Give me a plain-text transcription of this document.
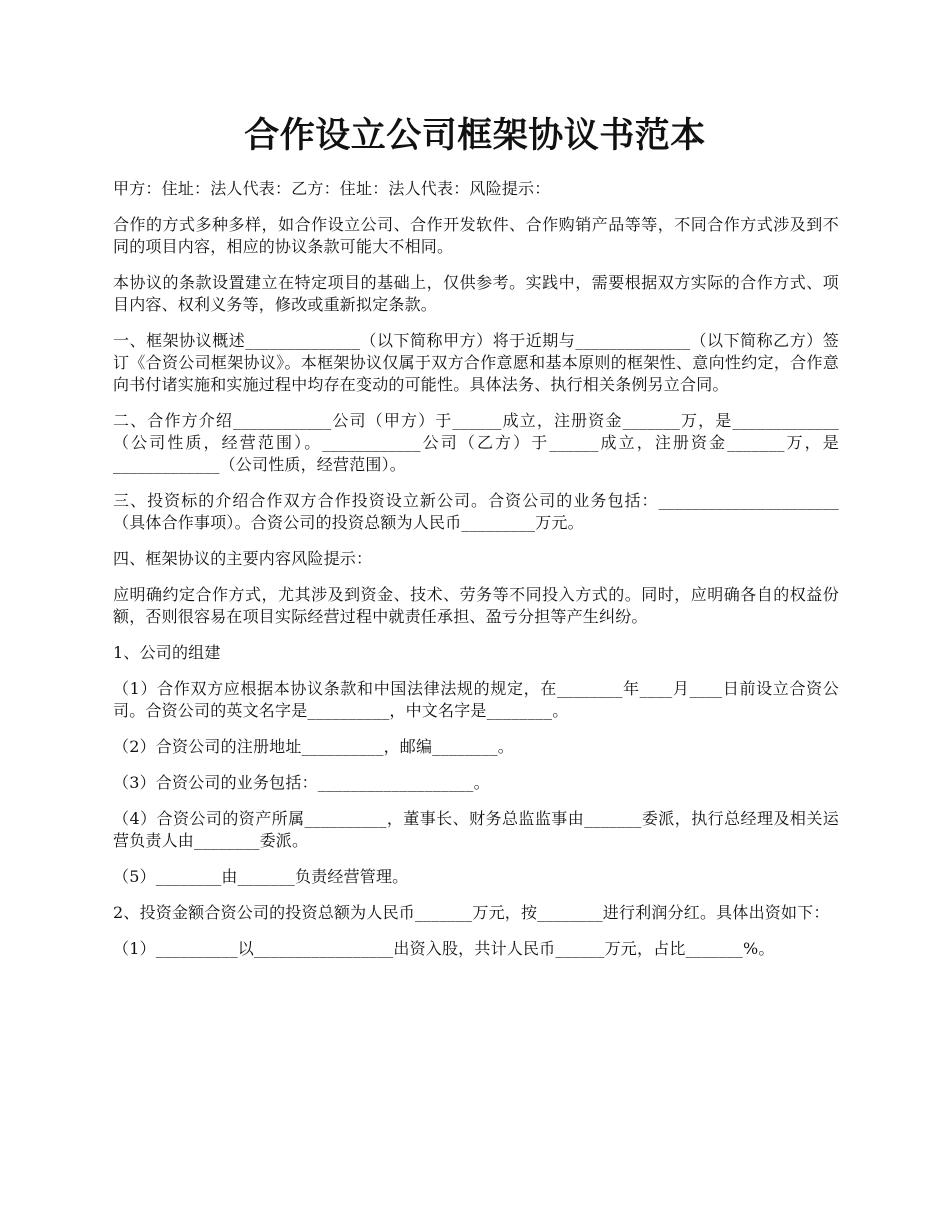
合作设立公司框架协议书范本

甲方：住址：法人代表：乙方：住址：法人代表：风险提示：

合作的方式多种多样，如合作设立公司、合作开发软件、合作购销产品等等，不同合作方式涉及到不同的项目内容，相应的协议条款可能大不相同。

本协议的条款设置建立在特定项目的基础上，仅供参考。实践中，需要根据双方实际的合作方式、项目内容、权利义务等，修改或重新拟定条款。

一、框架协议概述______________（以下简称甲方）将于近期与______________（以下简称乙方）签订《合资公司框架协议》。本框架协议仅属于双方合作意愿和基本原则的框架性、意向性约定，合作意向书付诸实施和实施过程中均存在变动的可能性。具体法务、执行相关条例另立合同。

二、合作方介绍____________公司（甲方）于______成立，注册资金_______万，是_____________（公司性质，经营范围）。____________公司（乙方）于______成立，注册资金_______万，是_____________（公司性质，经营范围）。

三、投资标的介绍合作双方合作投资设立新公司。合资公司的业务包括：______________________（具体合作事项）。合资公司的投资总额为人民币_________万元。

四、框架协议的主要内容风险提示：

应明确约定合作方式，尤其涉及到资金、技术、劳务等不同投入方式的。同时，应明确各自的权益份额，否则很容易在项目实际经营过程中就责任承担、盈亏分担等产生纠纷。

1、公司的组建

（1）合作双方应根据本协议条款和中国法律法规的规定，在________年____月____日前设立合资公司。合资公司的英文名字是__________，中文名字是________。

（2）合资公司的注册地址__________，邮编________。

（3）合资公司的业务包括：___________________。

（4）合资公司的资产所属__________，董事长、财务总监监事由_______委派，执行总经理及相关运营负责人由________委派。

（5）________由_______负责经营管理。

2、投资金额合资公司的投资总额为人民币_______万元，按________进行利润分红。具体出资如下：

（1）__________以_________________出资入股，共计人民币______万元，占比_______%。
